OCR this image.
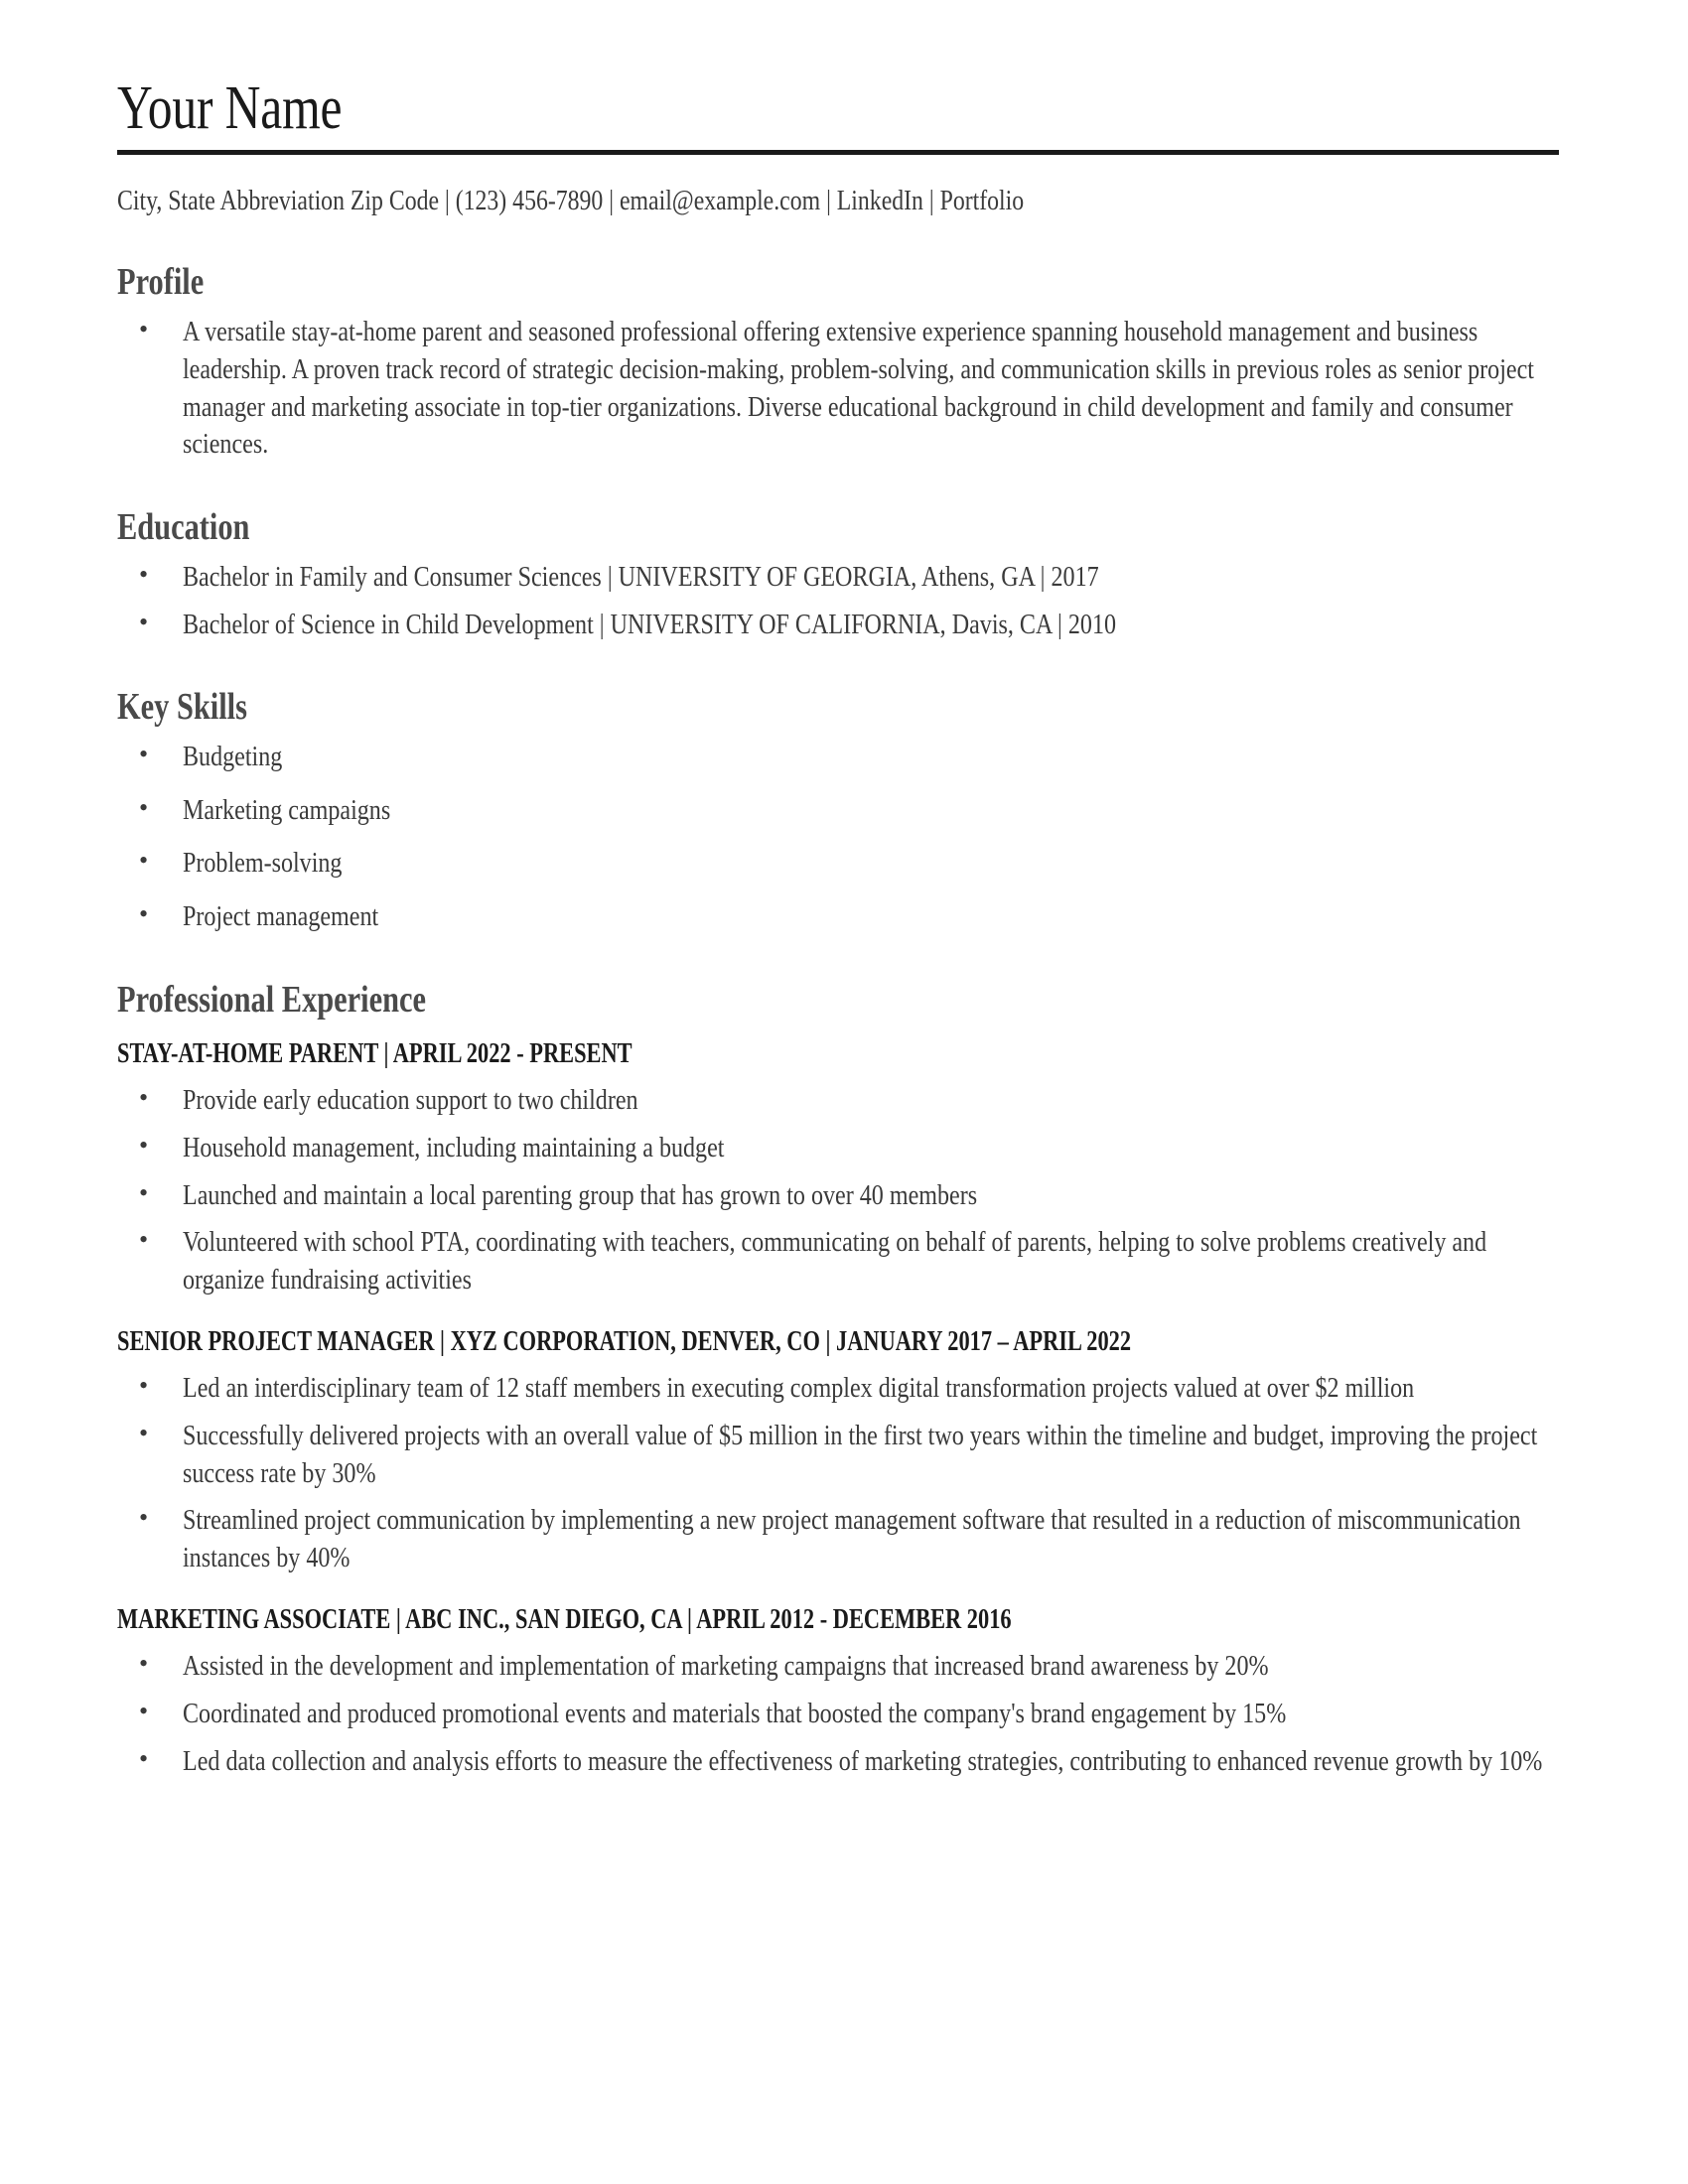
Your Name
City, State Abbreviation Zip Code | (123) 456-7890 | email@example.com | LinkedIn | Portfolio
Profile
• A versatile stay-at-home parent and seasoned professional offering extensive experience spanning household management and business leadership. A proven track record of strategic decision-making, problem-solving, and communication skills in previous roles as senior project manager and marketing associate in top-tier organizations. Diverse educational background in child development and family and consumer sciences.
Education
• Bachelor in Family and Consumer Sciences | UNIVERSITY OF GEORGIA, Athens, GA | 2017
• Bachelor of Science in Child Development | UNIVERSITY OF CALIFORNIA, Davis, CA | 2010
Key Skills
• Budgeting
• Marketing campaigns
• Problem-solving
• Project management
Professional Experience
STAY-AT-HOME PARENT | APRIL 2022 - PRESENT
• Provide early education support to two children
• Household management, including maintaining a budget
• Launched and maintain a local parenting group that has grown to over 40 members
• Volunteered with school PTA, coordinating with teachers, communicating on behalf of parents, helping to solve problems creatively and organize fundraising activities
SENIOR PROJECT MANAGER | XYZ CORPORATION, DENVER, CO | JANUARY 2017 – APRIL 2022
• Led an interdisciplinary team of 12 staff members in executing complex digital transformation projects valued at over $2 million
• Successfully delivered projects with an overall value of $5 million in the first two years within the timeline and budget, improving the project success rate by 30%
• Streamlined project communication by implementing a new project management software that resulted in a reduction of miscommunication instances by 40%
MARKETING ASSOCIATE | ABC INC., SAN DIEGO, CA | APRIL 2012 - DECEMBER 2016
• Assisted in the development and implementation of marketing campaigns that increased brand awareness by 20%
• Coordinated and produced promotional events and materials that boosted the company's brand engagement by 15%
• Led data collection and analysis efforts to measure the effectiveness of marketing strategies, contributing to enhanced revenue growth by 10%
